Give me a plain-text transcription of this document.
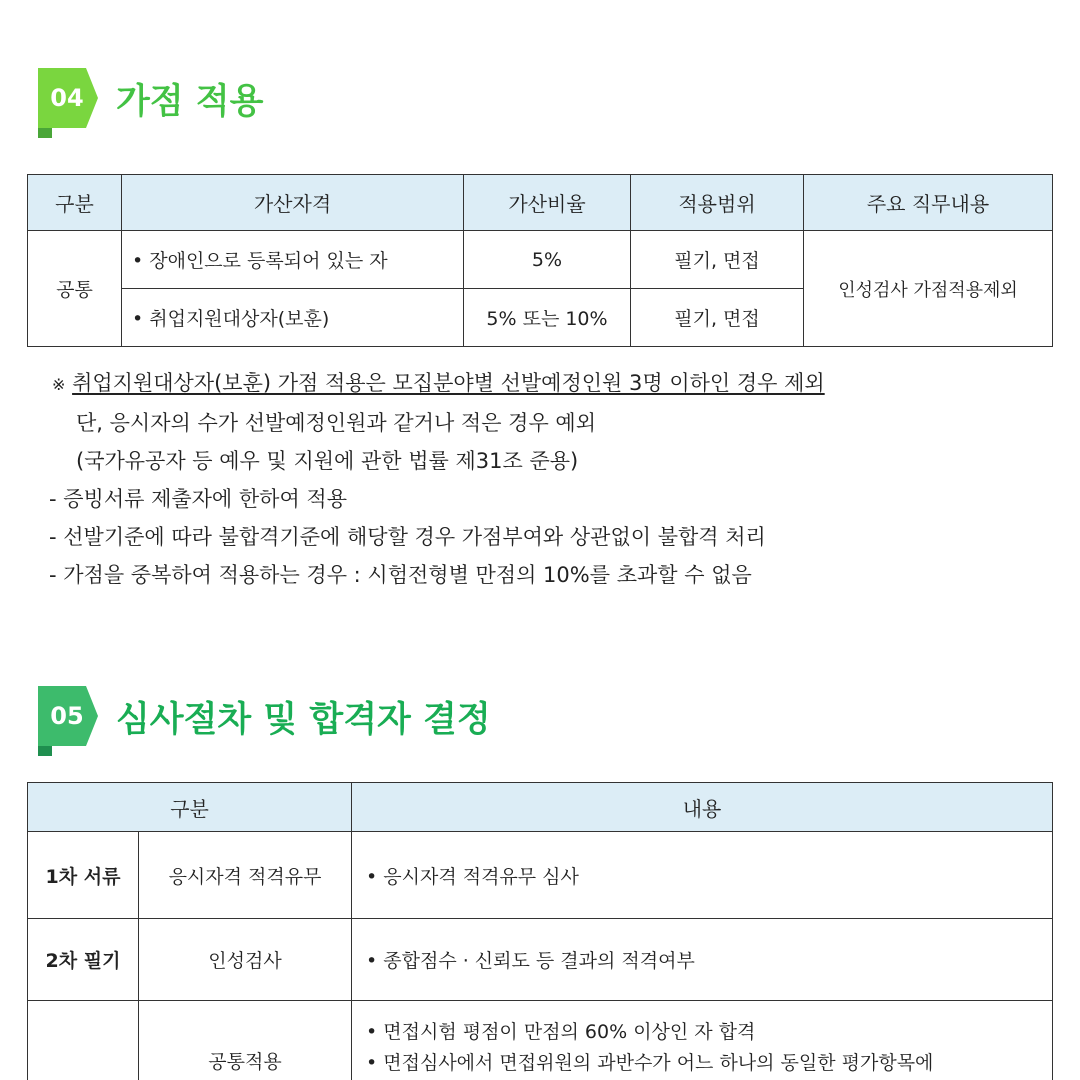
04 가점 적용
구분	가산자격	가산비율	적용범위	주요 직무내용
공통	• 장애인으로 등록되어 있는 자	5%	필기, 면접	인성검사 가점적용제외
	• 취업지원대상자(보훈)	5% 또는 10%	필기, 면접	
※ 취업지원대상자(보훈) 가점 적용은 모집분야별 선발예정인원 3명 이하인 경우 제외
단, 응시자의 수가 선발예정인원과 같거나 적은 경우 예외
(국가유공자 등 예우 및 지원에 관한 법률 제31조 준용)
- 증빙서류 제출자에 한하여 적용
- 선발기준에 따라 불합격기준에 해당할 경우 가점부여와 상관없이 불합격 처리
- 가점을 중복하여 적용하는 경우 : 시험전형별 만점의 10%를 초과할 수 없음
05 심사절차 및 합격자 결정
구분		내용
1차 서류	응시자격 적격유무	• 응시자격 적격유무 심사
2차 필기	인성검사	• 종합점수 · 신뢰도 등 결과의 적격여부
	공통적용	• 면접시험 평점이 만점의 60% 이상인 자 합격
• 면접심사에서 면접위원의 과반수가 어느 하나의 동일한 평가항목에
